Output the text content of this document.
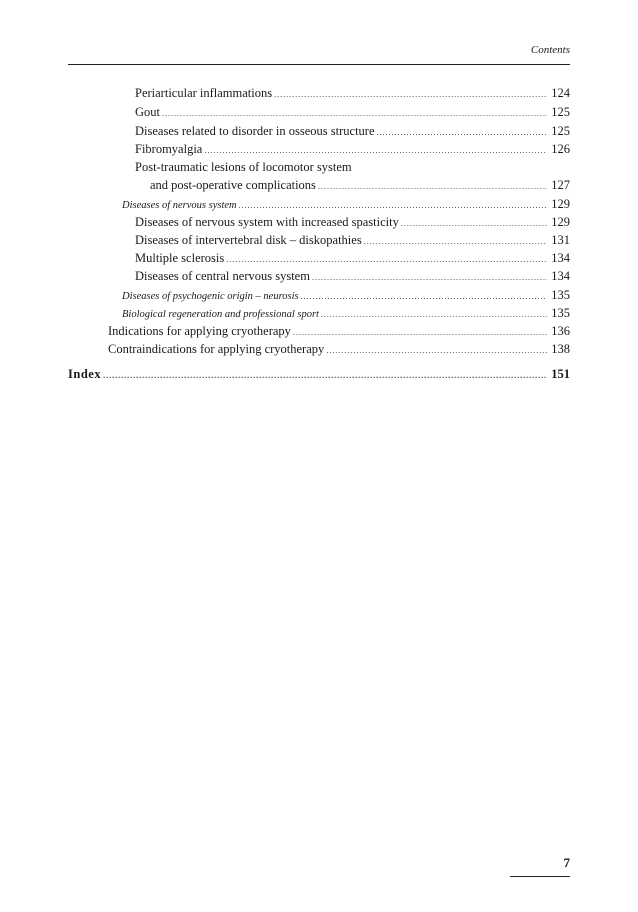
Contents
Periarticular inflammations .....	124
Gout .....	125
Diseases related to disorder in osseous structure .....	125
Fibromyalgia .....	126
Post-traumatic lesions of locomotor system
and post-operative complications .....	127
Diseases of nervous system .....	129
Diseases of nervous system with increased spasticity .....	129
Diseases of intervertebral disk – diskopathies .....	131
Multiple sclerosis .....	134
Diseases of central nervous system .....	134
Diseases of psychogenic origin – neurosis .....	135
Biological regeneration and professional sport .....	135
Indications for applying cryotherapy .....	136
Contraindications for applying cryotherapy .....	138
Index .....	151
7
